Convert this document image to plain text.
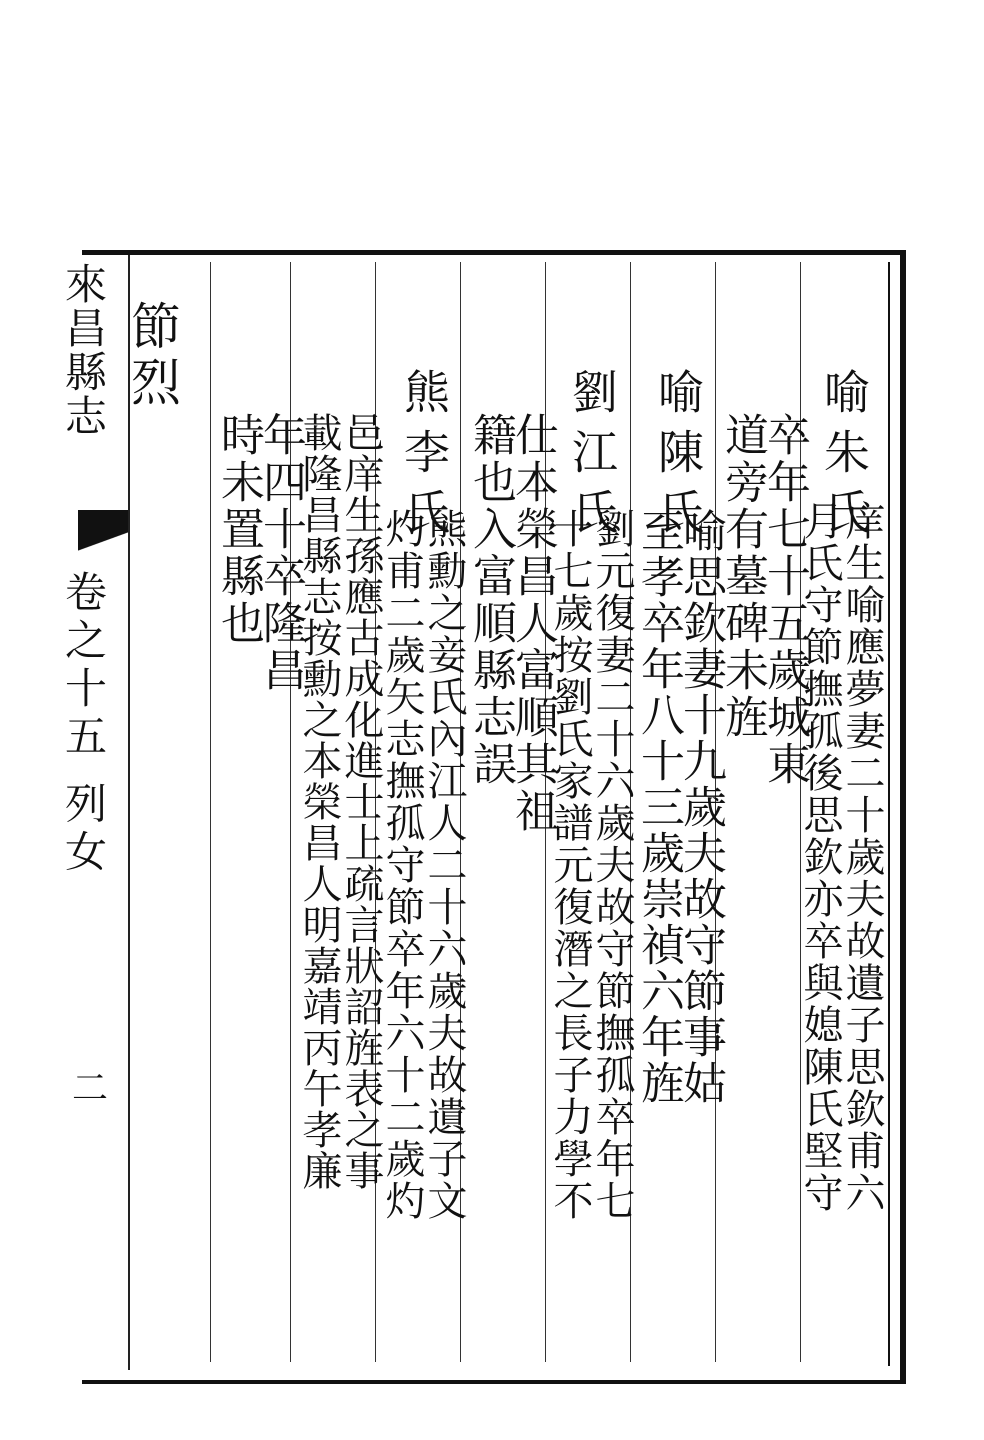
來昌縣志
卷之十五 列女
二
節烈
喻朱氏
庠生喻應夢妻二十歲夫故遺子思欽甫六
月氏守節撫孤後思欽亦卒與媳陳氏堅守
卒年七十五歲城東
道旁有墓碑未旌
喻陳氏
喻思欽妻十九歲夫故守節事姑
至孝卒年八十三歲崇禎六年旌
劉江氏
劉元復妻二十六歲夫故守節撫孤卒年七
十七歲按劉氏家譜元復潛之長子力學不
仕本榮昌人富順其祖
籍也入富順縣志誤
熊李氏
熊勳之妾氏內江人二十六歲夫故遺子文
灼甫二歲矢志撫孤守節卒年六十二歲灼
邑庠生孫應古成化進士上疏言狀詔旌表之事
載隆昌縣志按勳之本榮昌人明嘉靖丙午孝廉
年四十卒隆昌
時未置縣也
